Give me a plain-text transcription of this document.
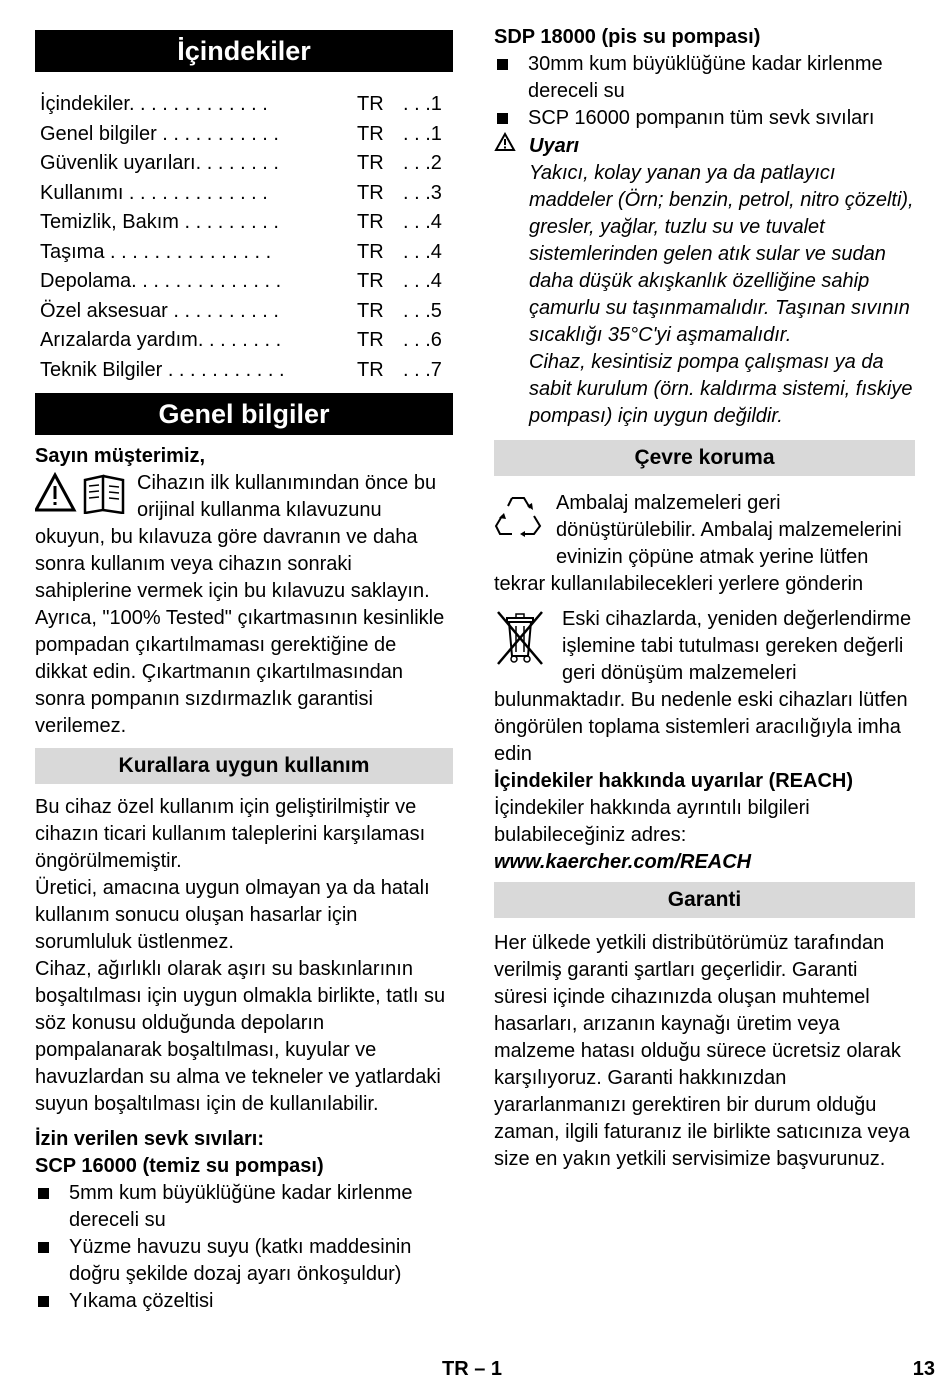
İçindekiler
İçindekiler. . . . . . . . . . . . .	TR . . .1
Genel bilgiler . . . . . . . . . . .	TR . . .1
Güvenlik uyarıları. . . . . . . .	TR . . .2
Kullanımı . . . . . . . . . . . . .	TR . . .3
Temizlik, Bakım . . . . . . . . .	TR . . .4
Taşıma . . . . . . . . . . . . . . .	TR . . .4
Depolama. . . . . . . . . . . . . .	TR . . .4
Özel aksesuar . . . . . . . . . .	TR . . .5
Arızalarda yardım. . . . . . . .	TR . . .6
Teknik Bilgiler . . . . . . . . . . .	TR . . .7
Genel bilgiler

Sayın müşterimiz,

Cihazın ilk kullanımından önce bu orijinal kullanma kılavuzunu okuyun, bu kılavuza göre davranın ve daha sonra kullanım veya cihazın sonraki sahiplerine vermek için bu kılavuzu saklayın. Ayrıca, "100% Tested" çıkartmasının kesinlikle pompadan çıkartılmaması gerektiğine de dikkat edin. Çıkartmanın çıkartılmasından sonra pompanın sızdırmazlık garantisi verilemez.

Kurallara uygun kullanım

Bu cihaz özel kullanım için geliştirilmiştir ve cihazın ticari kullanım taleplerini karşılaması öngörülmemiştir.

Üretici, amacına uygun olmayan ya da hatalı kullanım sonucu oluşan hasarlar için sorumluluk üstlenmez.

Cihaz, ağırlıklı olarak aşırı su baskınlarının boşaltılması için uygun olmakla birlikte, tatlı su söz konusu olduğunda depoların pompalanarak boşaltılması, kuyular ve havuzlardan su alma ve tekneler ve yatlardaki suyun boşaltılması için de kullanılabilir.

İzin verilen sevk sıvıları:

SCP 16000 (temiz su pompası)

5mm kum büyüklüğüne kadar kirlenme dereceli su
Yüzme havuzu suyu (katkı maddesinin doğru şekilde dozaj ayarı önkoşuldur)
Yıkama çözeltisi

SDP 18000 (pis su pompası)

30mm kum büyüklüğüne kadar kirlenme dereceli su
SCP 16000 pompanın tüm sevk sıvıları
Uyarı

Yakıcı, kolay yanan ya da patlayıcı maddeler (Örn; benzin, petrol, nitro çözelti), gresler, yağlar, tuzlu su ve tuvalet sistemlerinden gelen atık sular ve sudan daha düşük akışkanlık özelliğine sahip çamurlu su taşınmamalıdır. Taşınan sıvının sıcaklığı 35°C'yi aşmamalıdır.

Cihaz, kesintisiz pompa çalışması ya da sabit kurulum (örn. kaldırma sistemi, fıskiye pompası) için uygun değildir.

Çevre koruma

Ambalaj malzemeleri geri dönüştürülebilir. Ambalaj malzemelerini evinizin çöpüne atmak yerine lütfen tekrar kullanılabilecekleri yerlere gönderin

Eski cihazlarda, yeniden değerlendirme işlemine tabi tutulması gereken değerli geri dönüşüm malzemeleri bulunmaktadır. Bu nedenle eski cihazları lütfen öngörülen toplama sistemleri aracılığıyla imha edin

İçindekiler hakkında uyarılar (REACH)

İçindekiler hakkında ayrıntılı bilgileri bulabileceğiniz adres:

www.kaercher.com/REACH

Garanti

Her ülkede yetkili distribütörümüz tarafından verilmiş garanti şartları geçerlidir. Garanti süresi içinde cihazınızda oluşan muhtemel hasarları, arızanın kaynağı üretim veya malzeme hatası olduğu sürece ücretsiz olarak karşılıyoruz. Garanti hakkınızdan yararlanmanızı gerektiren bir durum olduğu zaman, ilgili faturanız ile birlikte satıcınıza veya size en yakın yetkili servisimize başvurunuz.

TR – 1	13
